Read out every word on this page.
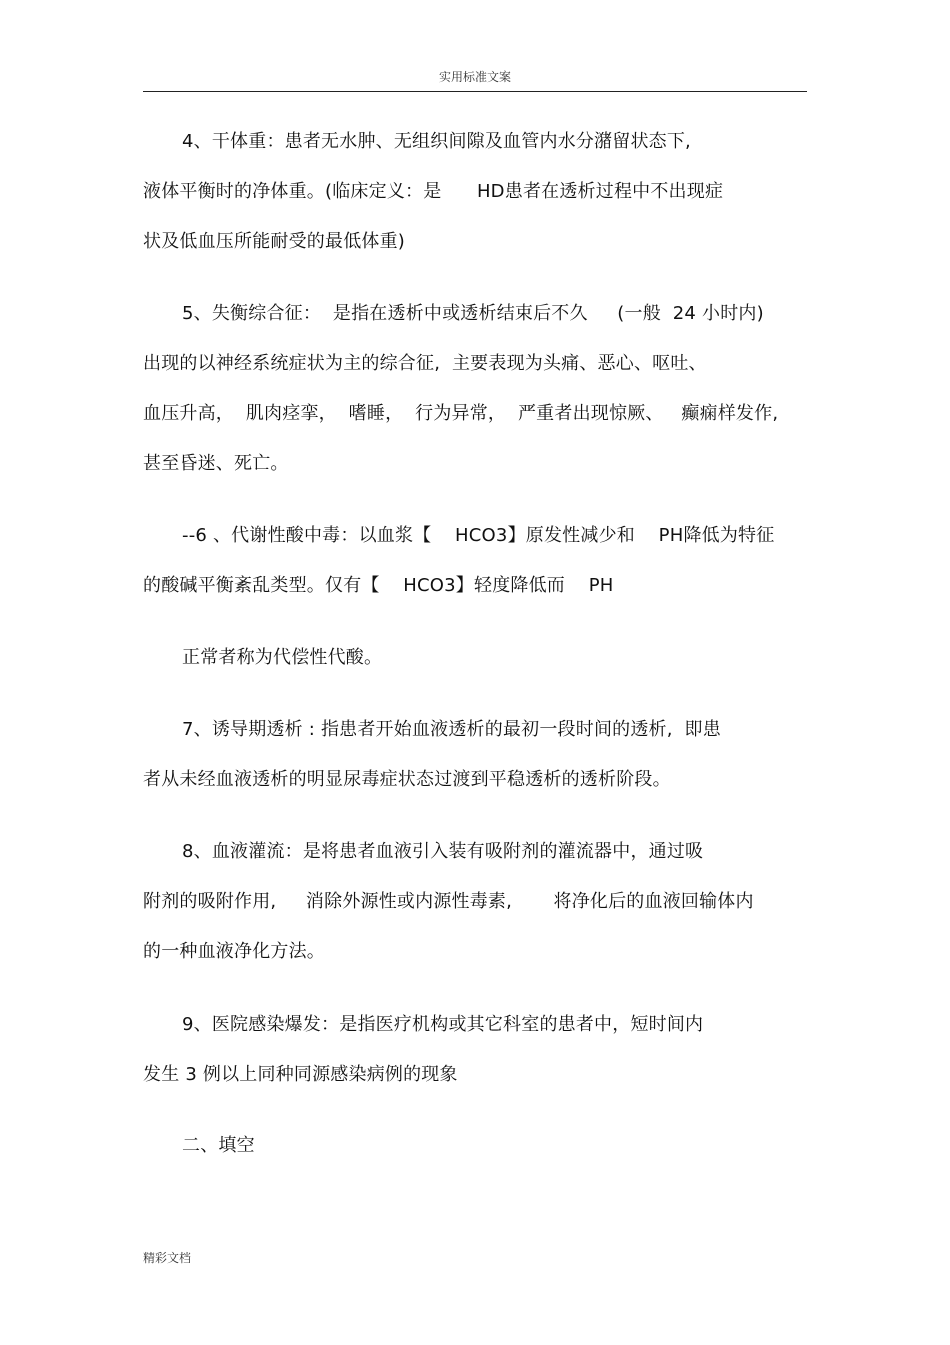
实用标准文案
4、干体重：患者无水肿、无组织间隙及血管内水分潴留状态下,
液体平衡时的净体重。(临床定义：是      HD患者在透析过程中不出现症
状及低血压所能耐受的最低体重)
5、失衡综合征：  是指在透析中或透析结束后不久     (一般  24 小时内)
出现的以神经系统症状为主的综合征,  主要表现为头痛、恶心、呕吐、
血压升高，  肌肉痉挛，  嗜睡，  行为异常，  严重者出现惊厥、   癫痫样发作,
甚至昏迷、死亡。
--6 、代谢性酸中毒：以血浆【    HCO3】原发性减少和    PH降低为特征
的酸碱平衡紊乱类型。仅有【    HCO3】轻度降低而    PH
正常者称为代偿性代酸。
7、诱导期透析 : 指患者开始血液透析的最初一段时间的透析,  即患
者从未经血液透析的明显尿毒症状态过渡到平稳透析的透析阶段。
8、血液灌流：是将患者血液引入装有吸附剂的灌流器中，通过吸
附剂的吸附作用,     消除外源性或内源性毒素,       将净化后的血液回输体内
的一种血液净化方法。
9、医院感染爆发：是指医疗机构或其它科室的患者中，短时间内
发生 3 例以上同种同源感染病例的现象
二、填空
精彩文档
